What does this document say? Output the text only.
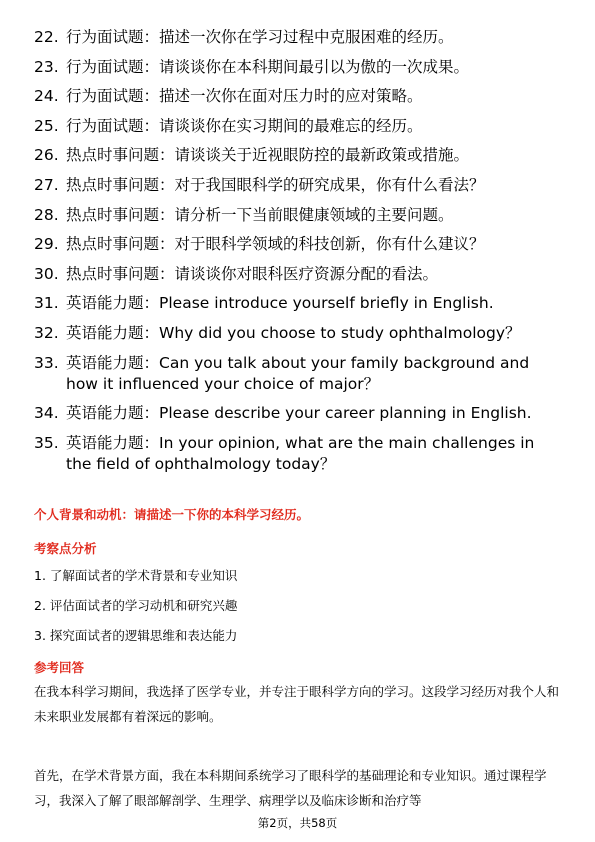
22. 行为面试题：描述一次你在学习过程中克服困难的经历。
23. 行为面试题：请谈谈你在本科期间最引以为傲的一次成果。
24. 行为面试题：描述一次你在面对压力时的应对策略。
25. 行为面试题：请谈谈你在实习期间的最难忘的经历。
26. 热点时事问题：请谈谈关于近视眼防控的最新政策或措施。
27. 热点时事问题：对于我国眼科学的研究成果，你有什么看法？
28. 热点时事问题：请分析一下当前眼健康领域的主要问题。
29. 热点时事问题：对于眼科学领域的科技创新，你有什么建议？
30. 热点时事问题：请谈谈你对眼科医疗资源分配的看法。
31. 英语能力题：Please introduce yourself briefly in English.
32. 英语能力题：Why did you choose to study ophthalmology？
33. 英语能力题：Can you talk about your family background and how it influenced your choice of major？
34. 英语能力题：Please describe your career planning in English.
35. 英语能力题：In your opinion, what are the main challenges in the field of ophthalmology today？
个人背景和动机：请描述一下你的本科学习经历。
考察点分析
1. 了解面试者的学术背景和专业知识
2. 评估面试者的学习动机和研究兴趣
3. 探究面试者的逻辑思维和表达能力
参考回答
在我本科学习期间，我选择了医学专业，并专注于眼科学方向的学习。这段学习经历对我个人和未来职业发展都有着深远的影响。
首先，在学术背景方面，我在本科期间系统学习了眼科学的基础理论和专业知识。通过课程学习，我深入了解了眼部解剖学、生理学、病理学以及临床诊断和治疗等
第2页，共58页
